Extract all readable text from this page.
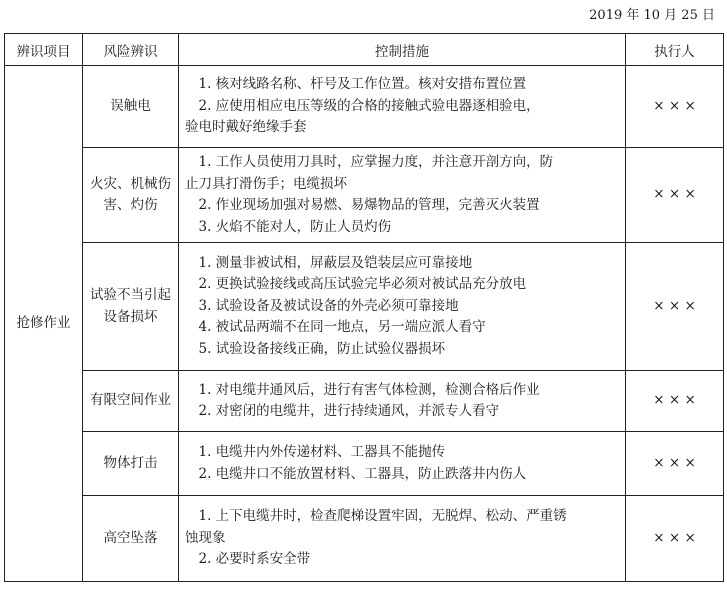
2019 年 10 月 25 日
辨识项目	风险辨识	控制措施	执行人
抢修作业	误触电	1. 核对线路名称、杆号及工作位置。核对安措布置位置
2. 应使用相应电压等级的合格的接触式验电器逐相验电，
验电时戴好绝缘手套	× × ×
	火灾、机械伤害、灼伤	1. 工作人员使用刀具时，应掌握力度，并注意开剖方向，防
止刀具打滑伤手；电缆损坏
2. 作业现场加强对易燃、易爆物品的管理，完善灭火装置
3. 火焰不能对人，防止人员灼伤	× × ×
	试验不当引起设备损坏	1. 测量非被试相，屏蔽层及铠装层应可靠接地
2. 更换试验接线或高压试验完毕必须对被试品充分放电
3. 试验设备及被试设备的外壳必须可靠接地
4. 被试品两端不在同一地点，另一端应派人看守
5. 试验设备接线正确，防止试验仪器损坏	× × ×
	有限空间作业	1. 对电缆井通风后，进行有害气体检测，检测合格后作业
2. 对密闭的电缆井，进行持续通风，并派专人看守	× × ×
	物体打击	1. 电缆井内外传递材料、工器具不能抛传
2. 电缆井口不能放置材料、工器具，防止跌落井内伤人	× × ×
	高空坠落	1. 上下电缆井时，检查爬梯设置牢固，无脱焊、松动、严重锈
蚀现象
2. 必要时系安全带	× × ×
